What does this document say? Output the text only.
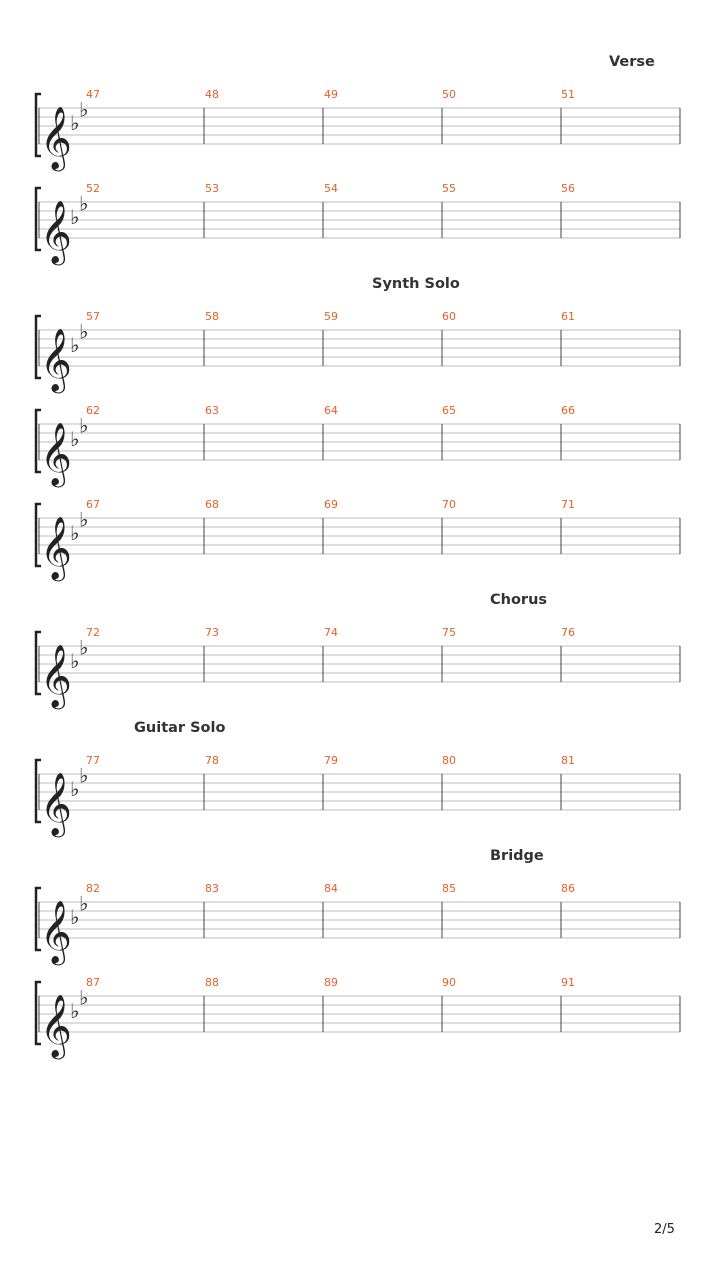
Verse
Synth Solo
Chorus
Guitar Solo
Bridge
𝄞
♭
♭
47	48	49	50	51
𝄞
♭
♭
52	53	54	55	56
𝄞
♭
♭
57	58	59	60	61
𝄞
♭
♭
62	63	64	65	66
𝄞
♭
♭
67	68	69	70	71
𝄞
♭
♭
72	73	74	75	76
𝄞
♭
♭
77	78	79	80	81
𝄞
♭
♭
82	83	84	85	86
𝄞
♭
♭
87	88	89	90	91
2/5
